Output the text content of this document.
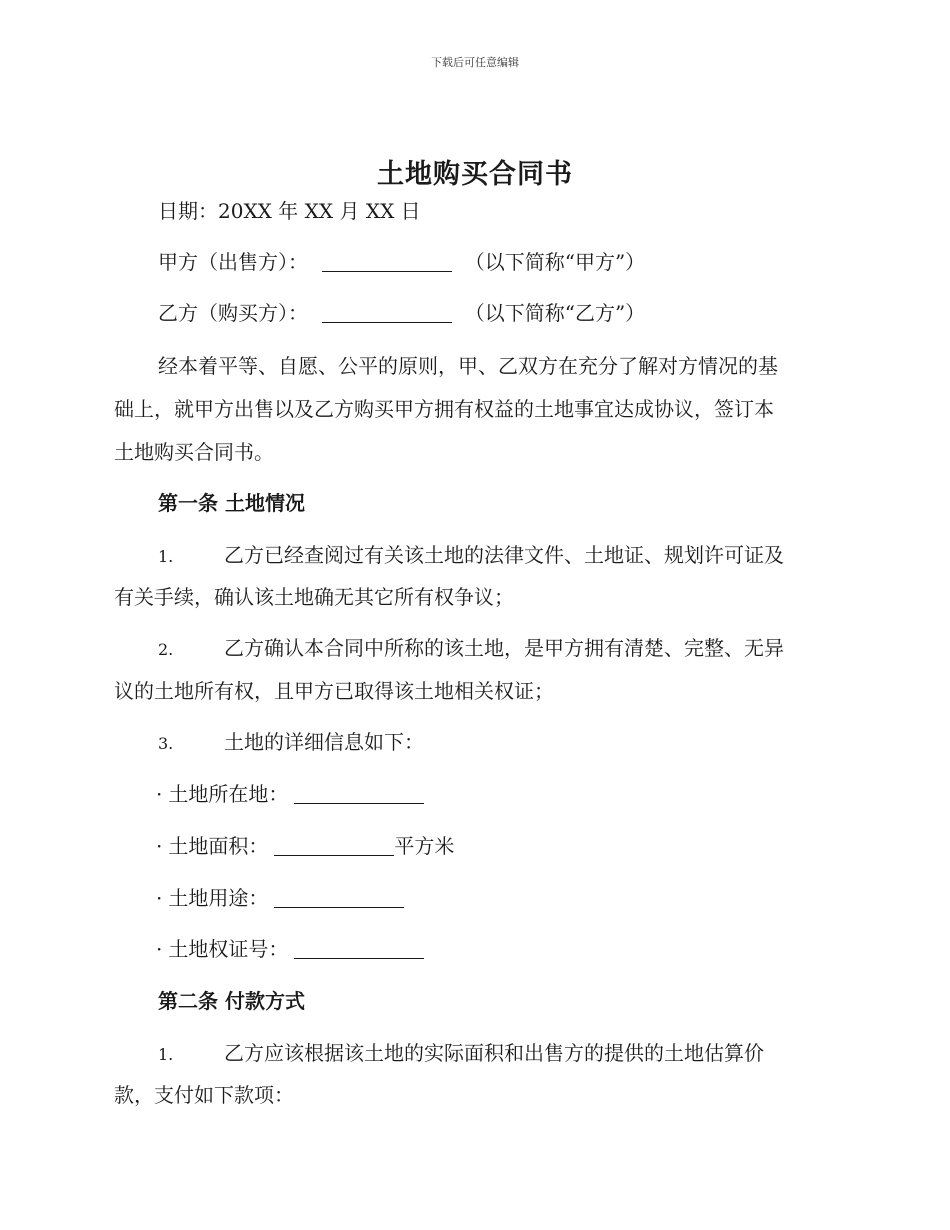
下载后可任意编辑
土地购买合同书
日期：20XX 年 XX 月 XX 日
甲方（出售方）：	（以下简称“甲方”）
乙方（购买方）：	（以下简称“乙方”）
经本着平等、自愿、公平的原则，甲、乙双方在充分了解对方情况的基
础上，就甲方出售以及乙方购买甲方拥有权益的土地事宜达成协议，签订本
土地购买合同书。
第一条 土地情况
1.	乙方已经查阅过有关该土地的法律文件、土地证、规划许可证及
有关手续，确认该土地确无其它所有权争议；
2.	乙方确认本合同中所称的该土地，是甲方拥有清楚、完整、无异
议的土地所有权，且甲方已取得该土地相关权证；
3.	土地的详细信息如下：
· 土地所在地：
· 土地面积：	平方米
· 土地用途：
· 土地权证号：
第二条 付款方式
1.	乙方应该根据该土地的实际面积和出售方的提供的土地估算价
款，支付如下款项：
